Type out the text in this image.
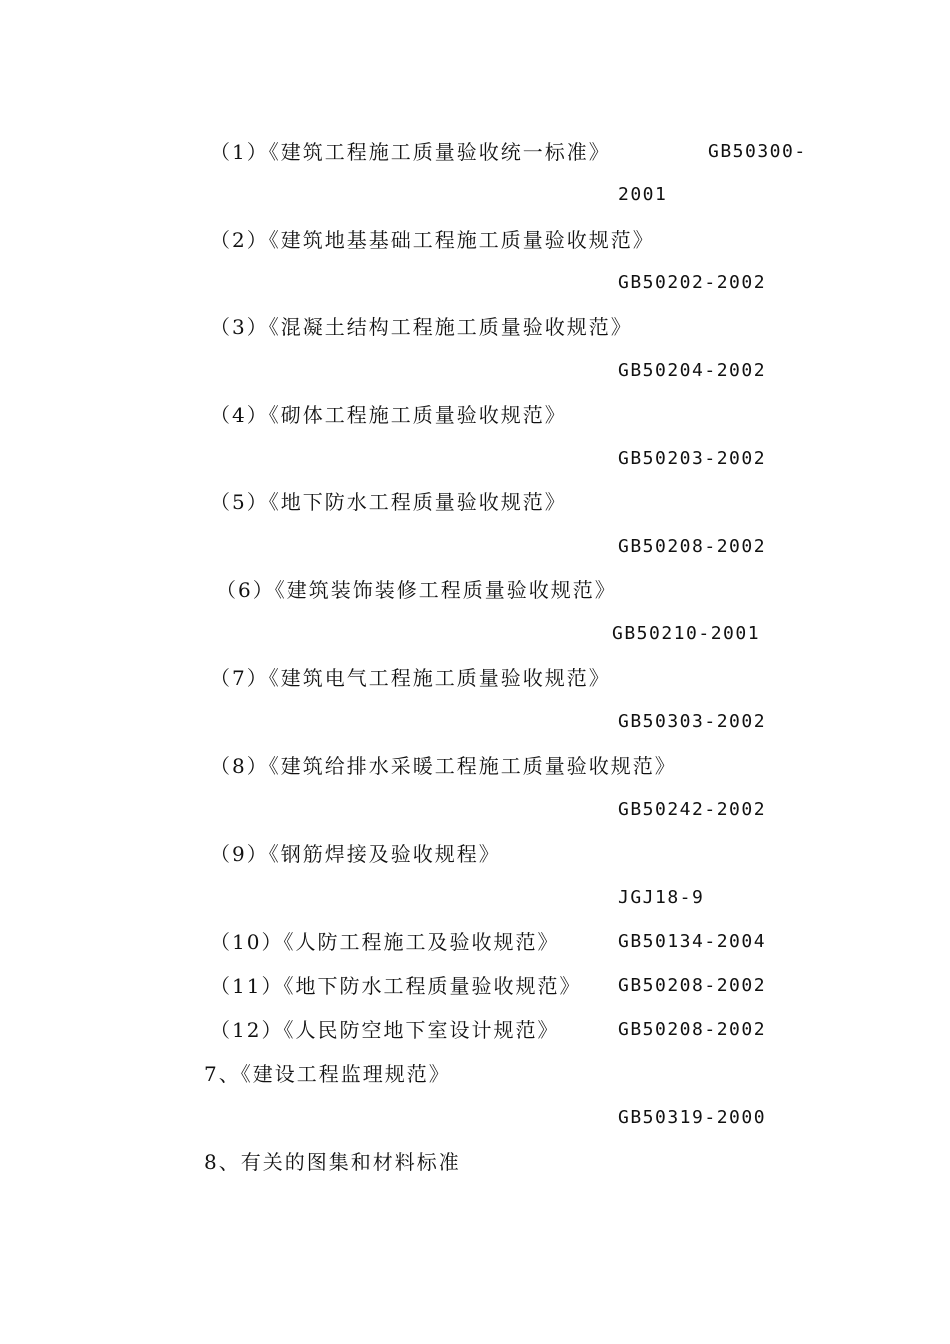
（1）《建筑工程施工质量验收统一标准》	GB50300-
2001
（2）《建筑地基基础工程施工质量验收规范》
GB50202-2002
（3）《混凝土结构工程施工质量验收规范》
GB50204-2002
（4）《砌体工程施工质量验收规范》
GB50203-2002
（5）《地下防水工程质量验收规范》
GB50208-2002
（6）《建筑装饰装修工程质量验收规范》
GB50210-2001
（7）《建筑电气工程施工质量验收规范》
GB50303-2002
（8）《建筑给排水采暖工程施工质量验收规范》
GB50242-2002
（9）《钢筋焊接及验收规程》
JGJ18-9
（10）《人防工程施工及验收规范》	GB50134-2004
（11）《地下防水工程质量验收规范》 GB50208-2002
（12）《人民防空地下室设计规范》	GB50208-2002
7、《建设工程监理规范》
GB50319-2000
8、有关的图集和材料标准
